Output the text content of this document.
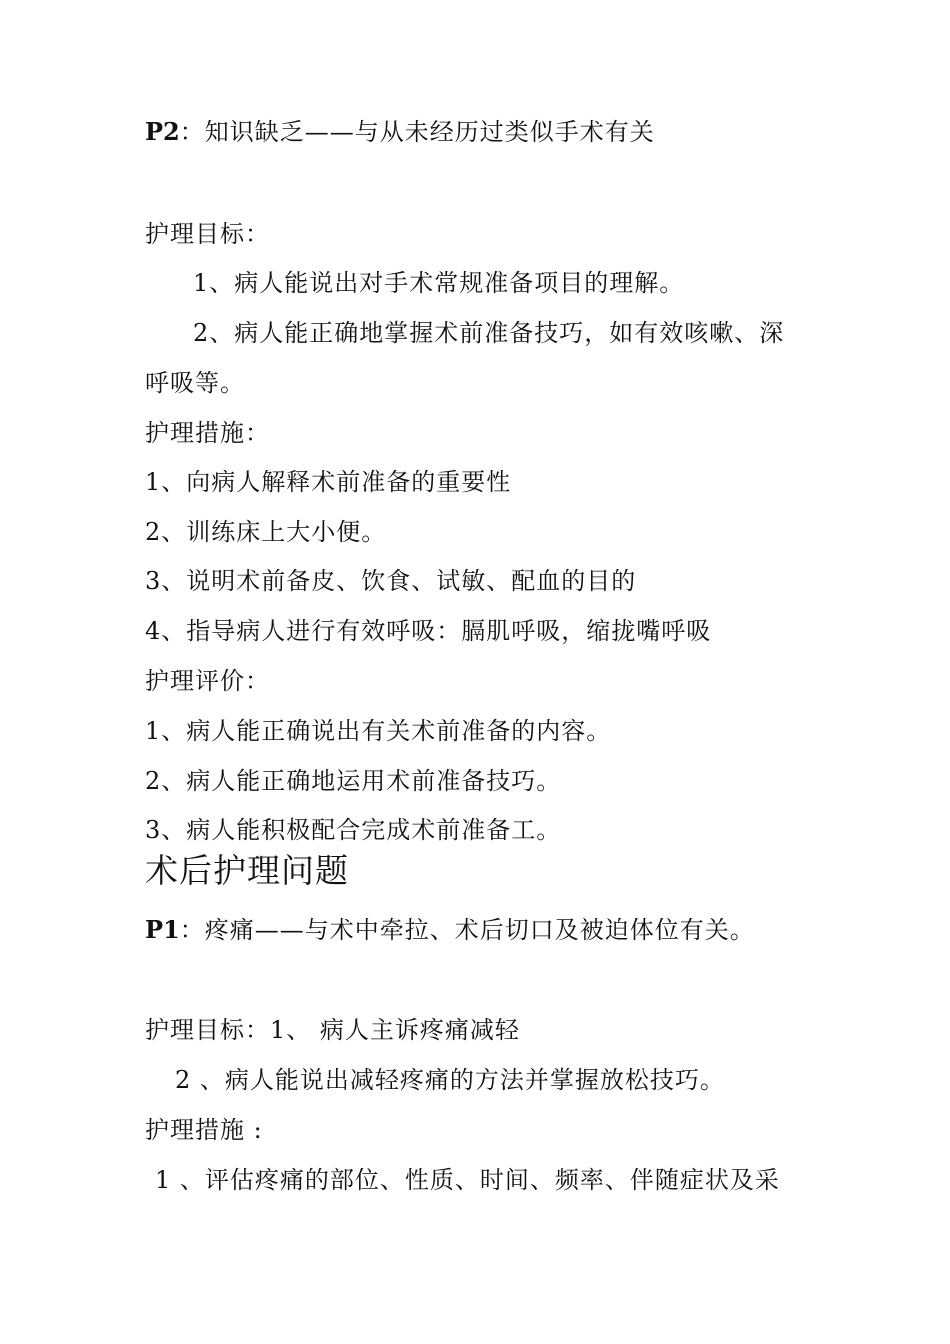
P2：知识缺乏——与从未经历过类似手术有关
护理目标：
1、病人能说出对手术常规准备项目的理解。
2、病人能正确地掌握术前准备技巧，如有效咳嗽、深
呼吸等。
护理措施：
1、向病人解释术前准备的重要性
2、训练床上大小便。
3、说明术前备皮、饮食、试敏、配血的目的
4、指导病人进行有效呼吸：膈肌呼吸，缩拢嘴呼吸
护理评价：
1、病人能正确说出有关术前准备的内容。
2、病人能正确地运用术前准备技巧。
3、病人能积极配合完成术前准备工。
术后护理问题
P1：疼痛——与术中牵拉、术后切口及被迫体位有关。
护理目标：1、 病人主诉疼痛减轻
2 、病人能说出减轻疼痛的方法并掌握放松技巧。
护理措施 :
1 、评估疼痛的部位、性质、时间、频率、伴随症状及采
